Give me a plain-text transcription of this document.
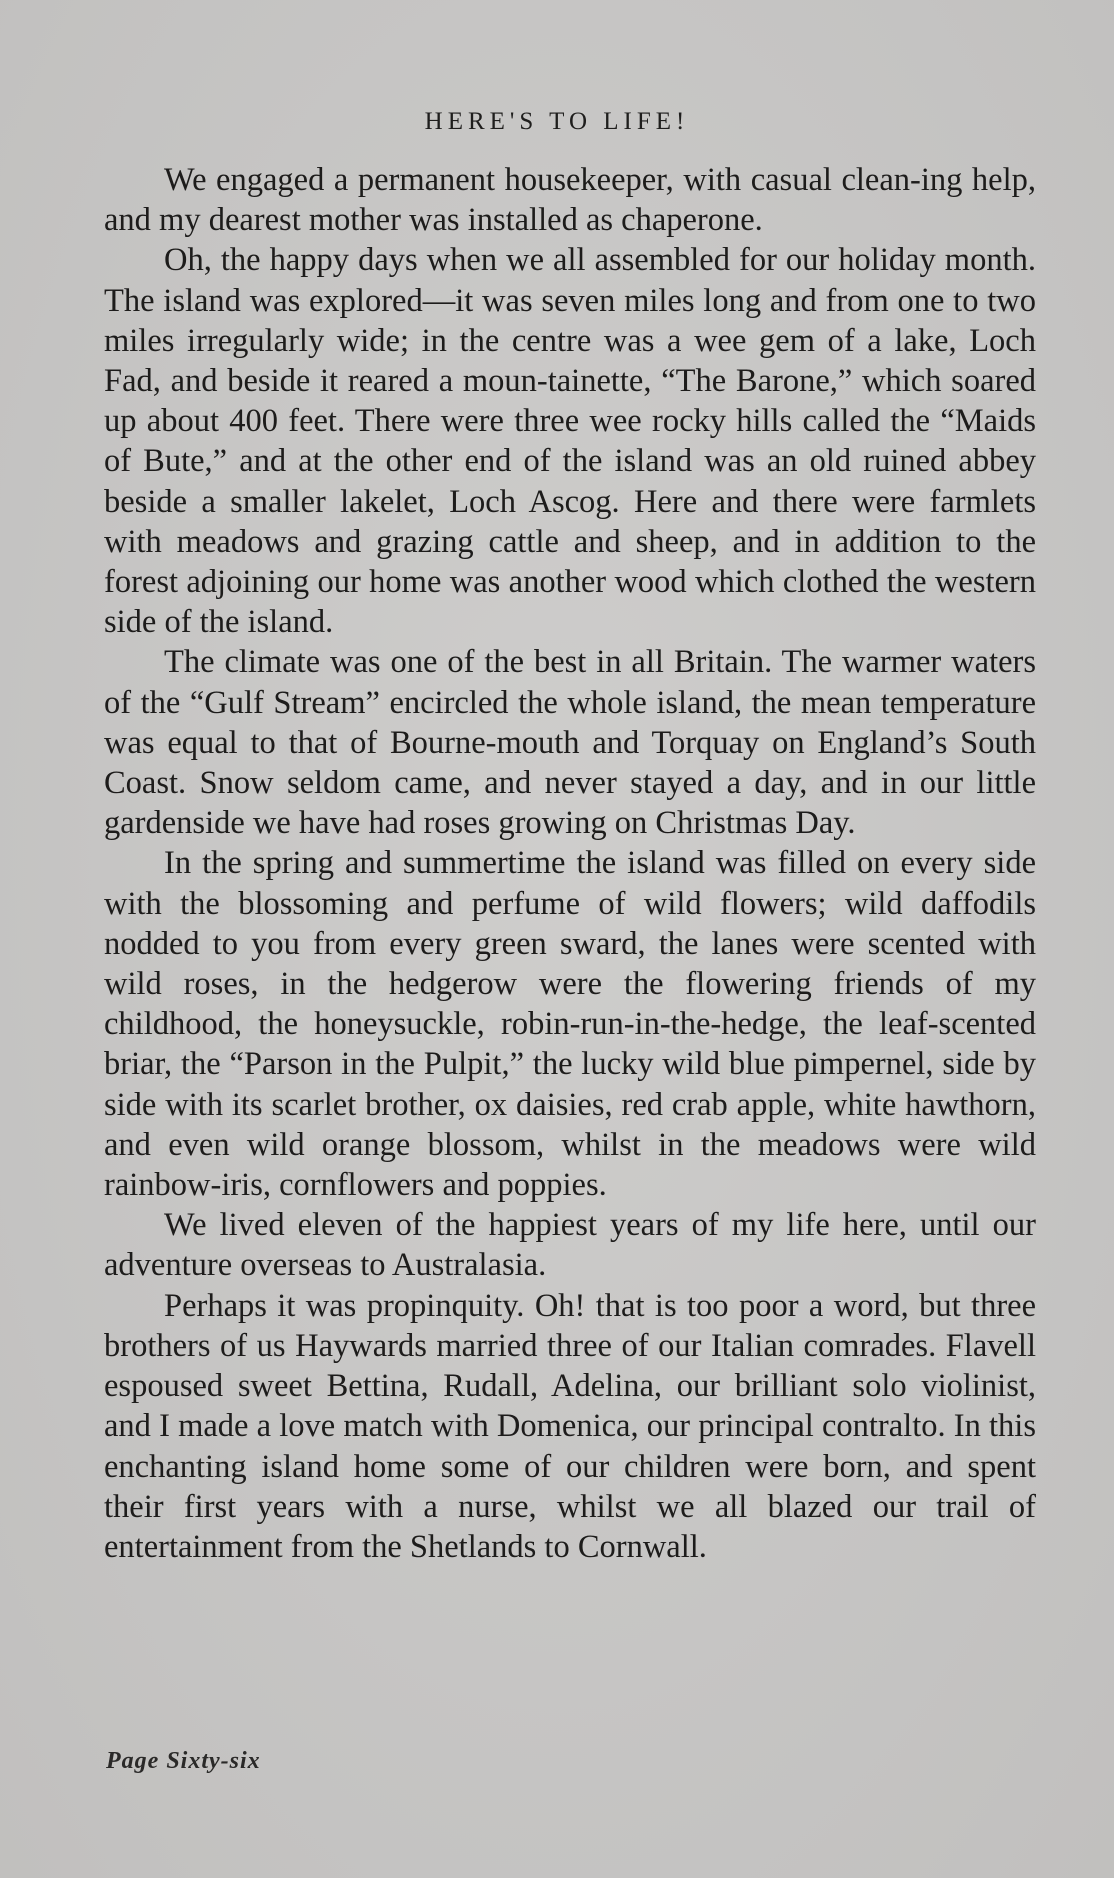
HERE'S TO LIFE!

We engaged a permanent housekeeper, with casual clean-ing help, and my dearest mother was installed as chaperone.

Oh, the happy days when we all assembled for our holiday month. The island was explored—it was seven miles long and from one to two miles irregularly wide; in the centre was a wee gem of a lake, Loch Fad, and beside it reared a moun-tainette, “The Barone,” which soared up about 400 feet. There were three wee rocky hills called the “Maids of Bute,” and at the other end of the island was an old ruined abbey beside a smaller lakelet, Loch Ascog. Here and there were farmlets with meadows and grazing cattle and sheep, and in addition to the forest adjoining our home was another wood which clothed the western side of the island.

The climate was one of the best in all Britain. The warmer waters of the “Gulf Stream” encircled the whole island, the mean temperature was equal to that of Bourne-mouth and Torquay on England’s South Coast. Snow seldom came, and never stayed a day, and in our little gardenside we have had roses growing on Christmas Day.

In the spring and summertime the island was filled on every side with the blossoming and perfume of wild flowers; wild daffodils nodded to you from every green sward, the lanes were scented with wild roses, in the hedgerow were the flowering friends of my childhood, the honeysuckle, robin-run-in-the-hedge, the leaf-scented briar, the “Parson in the Pulpit,” the lucky wild blue pimpernel, side by side with its scarlet brother, ox daisies, red crab apple, white hawthorn, and even wild orange blossom, whilst in the meadows were wild rainbow-iris, cornflowers and poppies.

We lived eleven of the happiest years of my life here, until our adventure overseas to Australasia.

Perhaps it was propinquity. Oh! that is too poor a word, but three brothers of us Haywards married three of our Italian comrades. Flavell espoused sweet Bettina, Rudall, Adelina, our brilliant solo violinist, and I made a love match with Domenica, our principal contralto. In this enchanting island home some of our children were born, and spent their first years with a nurse, whilst we all blazed our trail of entertainment from the Shetlands to Cornwall.

Page Sixty-six
